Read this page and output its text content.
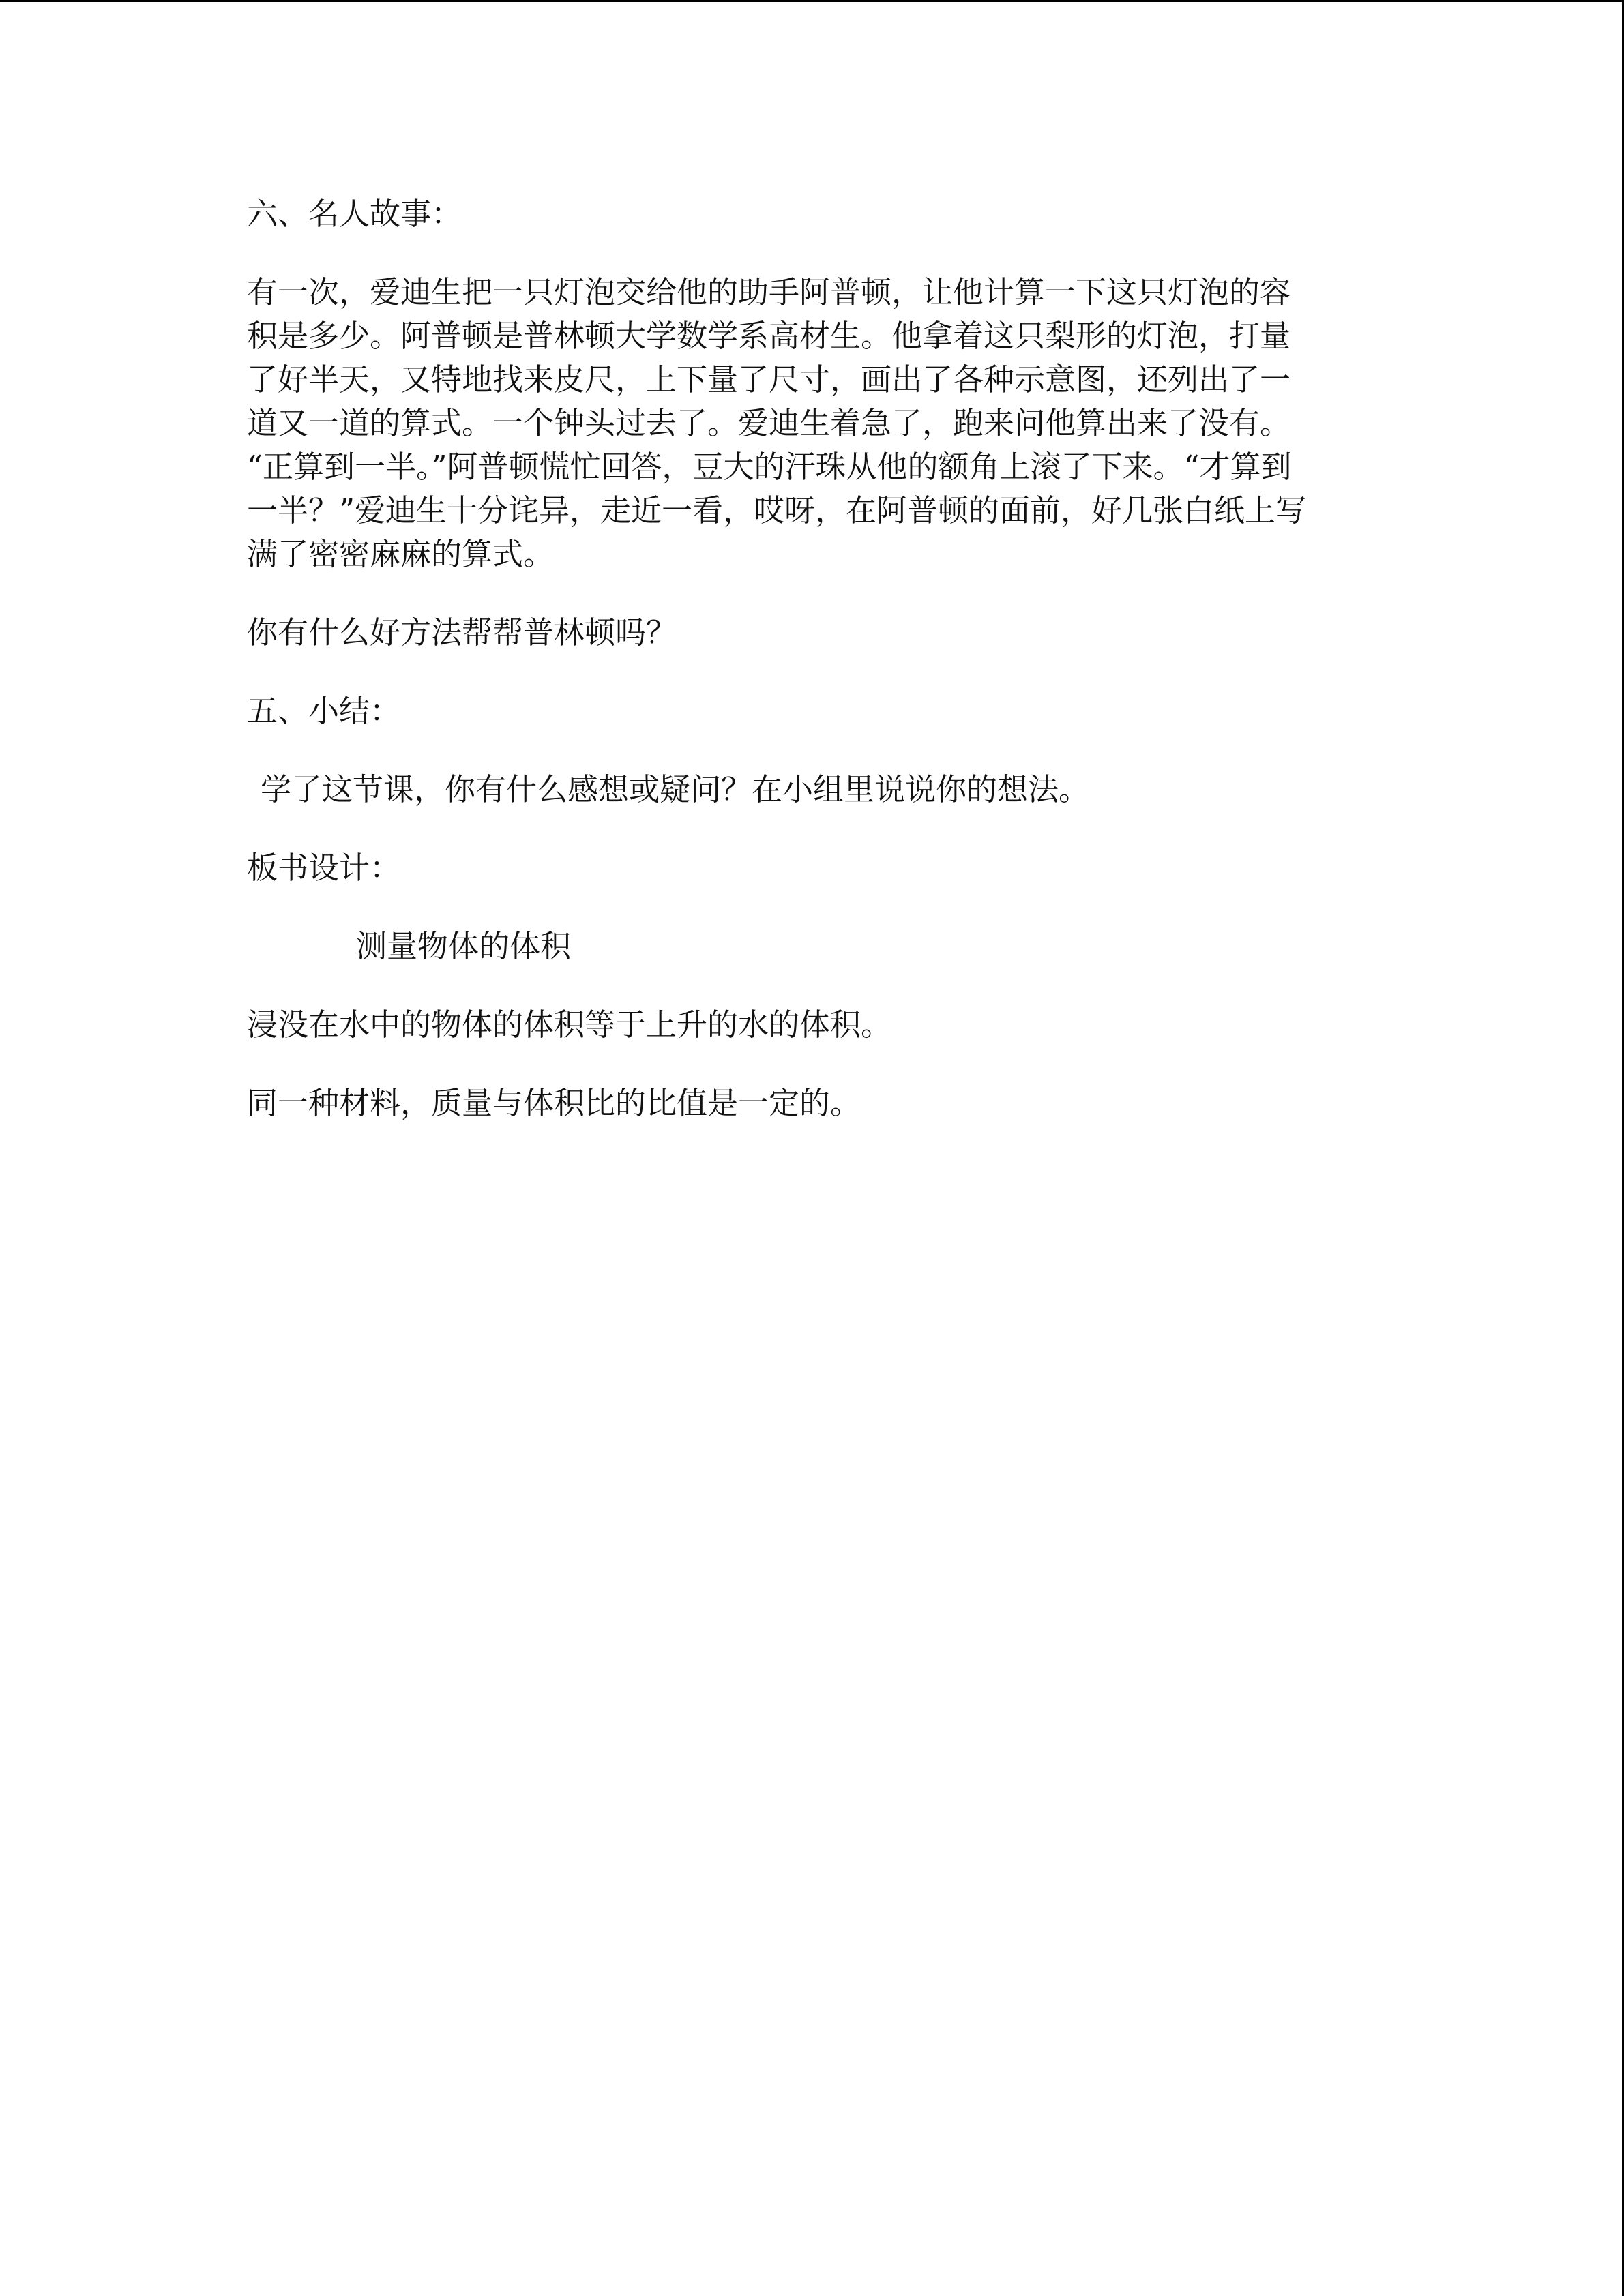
六、名人故事：

有一次，爱迪生把一只灯泡交给他的助手阿普顿，让他计算一下这只灯泡的容
积是多少。阿普顿是普林顿大学数学系高材生。他拿着这只梨形的灯泡，打量
了好半天，又特地找来皮尺，上下量了尺寸，画出了各种示意图，还列出了一
道又一道的算式。一个钟头过去了。爱迪生着急了，跑来问他算出来了没有。
“正算到一半。”阿普顿慌忙回答，豆大的汗珠从他的额角上滚了下来。“才算到
一半？”爱迪生十分诧异，走近一看，哎呀，在阿普顿的面前，好几张白纸上写
满了密密麻麻的算式。

你有什么好方法帮帮普林顿吗？

五、小结：

学了这节课，你有什么感想或疑问？在小组里说说你的想法。

板书设计：

测量物体的体积

浸没在水中的物体的体积等于上升的水的体积。

同一种材料，质量与体积比的比值是一定的。
